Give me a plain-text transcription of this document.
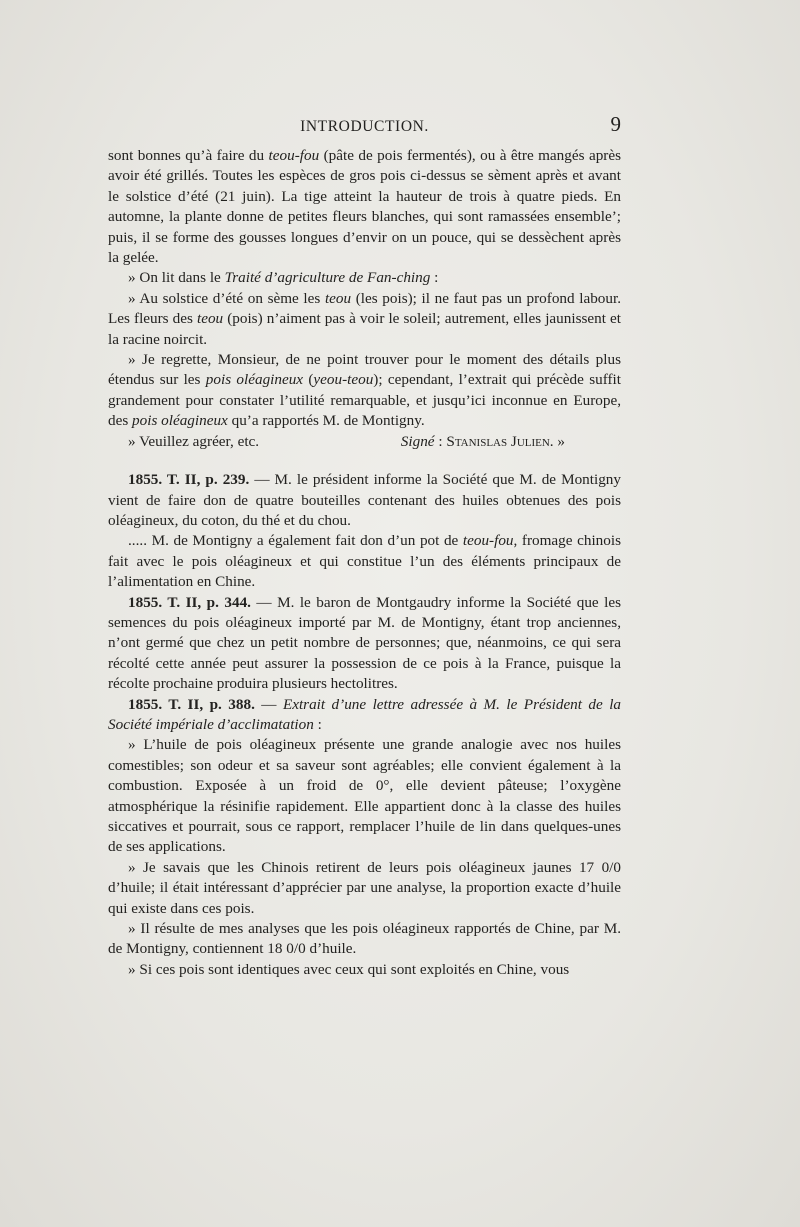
INTRODUCTION.	9

sont bonnes qu’à faire du teou-fou (pâte de pois fermentés), ou à être mangés après avoir été grillés. Toutes les espèces de gros pois ci-dessus se sèment après et avant le solstice d’été (21 juin). La tige atteint la hauteur de trois à quatre pieds. En automne, la plante donne de petites fleurs blanches, qui sont ramassées ensemble’; puis, il se forme des gousses longues d’envir on un pouce, qui se dessèchent après la gelée.

» On lit dans le Traité d’agriculture de Fan-ching :

» Au solstice d’été on sème les teou (les pois); il ne faut pas un profond labour. Les fleurs des teou (pois) n’aiment pas à voir le soleil; autrement, elles jaunissent et la racine noircit.

» Je regrette, Monsieur, de ne point trouver pour le moment des détails plus étendus sur les pois oléagineux (yeou-teou); cependant, l’extrait qui précède suffit grandement pour constater l’utilité remarquable, et jusqu’ici inconnue en Europe, des pois oléagineux qu’a rapportés M. de Montigny.

» Veuillez agréer, etc.	Signé : Stanislas Julien. »

1855. T. II, p. 239. — M. le président informe la Société que M. de Montigny vient de faire don de quatre bouteilles contenant des huiles obtenues des pois oléagineux, du coton, du thé et du chou.

..... M. de Montigny a également fait don d’un pot de teou-fou, fromage chinois fait avec le pois oléagineux et qui constitue l’un des éléments principaux de l’alimentation en Chine.

1855. T. II, p. 344. — M. le baron de Montgaudry informe la Société que les semences du pois oléagineux importé par M. de Montigny, étant trop anciennes, n’ont germé que chez un petit nombre de personnes; que, néanmoins, ce qui sera récolté cette année peut assurer la possession de ce pois à la France, puisque la récolte prochaine produira plusieurs hectolitres.

1855. T. II, p. 388. — Extrait d’une lettre adressée à M. le Président de la Société impériale d’acclimatation :

» L’huile de pois oléagineux présente une grande analogie avec nos huiles comestibles; son odeur et sa saveur sont agréables; elle convient également à la combustion. Exposée à un froid de 0°, elle devient pâteuse; l’oxygène atmosphérique la résinifie rapidement. Elle appartient donc à la classe des huiles siccatives et pourrait, sous ce rapport, remplacer l’huile de lin dans quelques-unes de ses applications.

» Je savais que les Chinois retirent de leurs pois oléagineux jaunes 17 0/0 d’huile; il était intéressant d’apprécier par une analyse, la proportion exacte d’huile qui existe dans ces pois.

» Il résulte de mes analyses que les pois oléagineux rapportés de Chine, par M. de Montigny, contiennent 18 0/0 d’huile.

» Si ces pois sont identiques avec ceux qui sont exploités en Chine, vous
